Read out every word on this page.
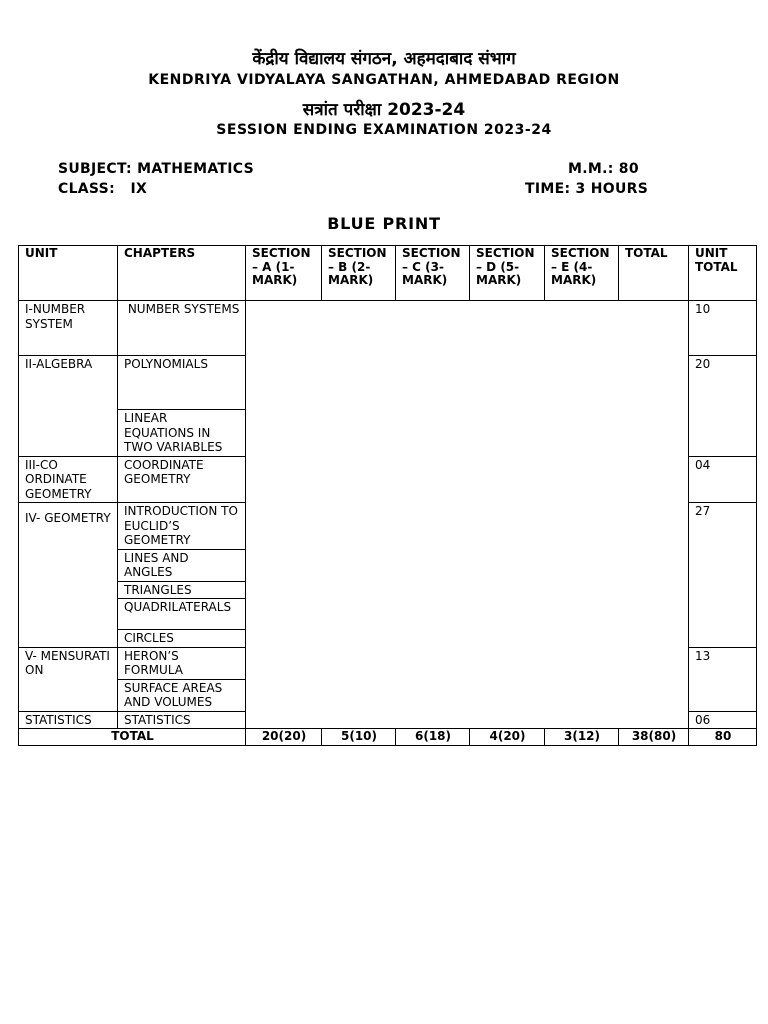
केंद्रीय विद्यालय संगठन, अहमदाबाद संभाग
KENDRIYA VIDYALAYA SANGATHAN, AHMEDABAD REGION
सत्रांत परीक्षा 2023-24
SESSION ENDING EXAMINATION 2023-24
SUBJECT: MATHEMATICS
CLASS:   IX
M.M.: 80
TIME: 3 HOURS
BLUE PRINT
UNIT	CHAPTERS	SECTION – A (1- MARK)	SECTION – B (2- MARK)	SECTION – C (3- MARK)	SECTION – D (5- MARK)	SECTION – E (4- MARK)	TOTAL	UNIT TOTAL
I-NUMBER SYSTEM	NUMBER SYSTEMS							10
II-ALGEBRA	POLYNOMIALS							20
	LINEAR EQUATIONS IN TWO VARIABLES							
III-CO ORDINATE GEOMETRY	COORDINATE GEOMETRY							04
IV- GEOMETRY	INTRODUCTION TO EUCLID’S GEOMETRY							27
	LINES AND ANGLES							
	TRIANGLES							
	QUADRILATERALS							
	CIRCLES							
V- MENSURATION	HERON’S FORMULA							13
	SURFACE AREAS AND VOLUMES							
STATISTICS	STATISTICS							06
TOTAL		20(20)	5(10)	6(18)	4(20)	3(12)	38(80)	80
